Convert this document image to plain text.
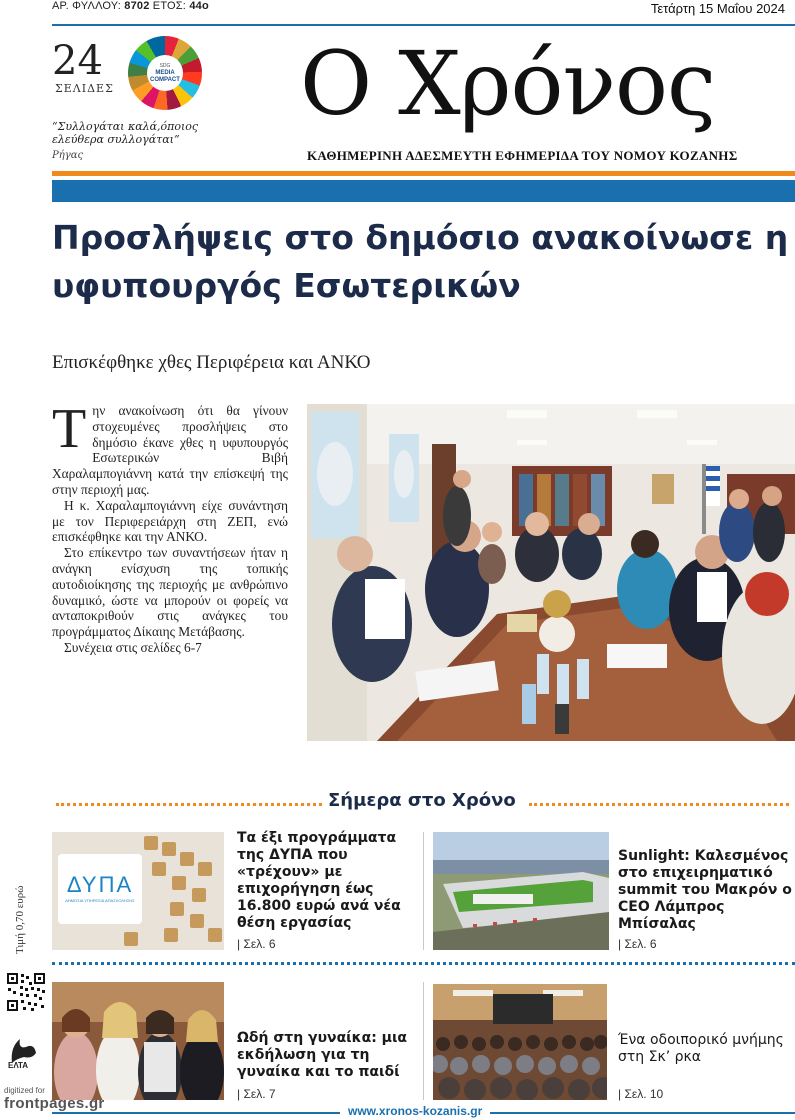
ΑΡ. ΦΥΛΛΟΥ: 8702 ΕΤΟΣ: 44ο	Τετάρτη 15 Μαΐου 2024
24
ΣΕΛΙΔΕΣ
SDG
MEDIA
COMPACT
“Συλλογάται καλά,όποιος ελεύθερα συλλογάται”
Ρήγας
Ο Χρόνος
ΚΑΘΗΜΕΡΙΝΗ ΑΔΕΣΜΕΥΤΗ ΕΦΗΜΕΡΙΔΑ ΤΟΥ ΝΟΜΟΥ ΚΟΖΑΝΗΣ
Προσλήψεις στο δημόσιο ανακοίνωσε η υφυπουργός Εσωτερικών
Επισκέφθηκε χθες Περιφέρεια και ΑΝΚΟ

Την ανακοίνωση ότι θα γίνουν στοχευμένες προσλήψεις στο δημόσιο έκανε χθες η υφυπουργός Εσωτερικών Βιβή Χαραλαμπογιάννη κατά την επίσκεψή της στην περιοχή μας.

Η κ. Χαραλαμπογιάννη είχε συνάντηση με τον Περιφερειάρχη στη ΖΕΠ, ενώ επισκέφθηκε και την ΑΝΚΟ.

Στο επίκεντρο των συναντήσεων ήταν η ανάγκη ενίσχυση της τοπικής αυτοδιοίκησης της περιοχής με ανθρώπινο δυναμικό, ώστε να μπορούν οι φορείς να ανταποκριθούν στις ανάγκες του προγράμματος Δίκαιης Μετάβασης.

Συνέχεια στις σελίδες 6-7

Σήμερα στο Χρόνο
ΔΥΠΑ
ΔΗΜΟΣΙΑ ΥΠΗΡΕΣΙΑ ΑΠΑΣΧΟΛΗΣΗΣ
Τα έξι προγράμματα της ΔΥΠΑ που «τρέχουν» με επιχορήγηση έως 16.800 ευρώ ανά νέα θέση εργασίας
| Σελ. 6
Sunlight: Καλεσμένος στο επιχειρηματικό summit του Μακρόν ο CEO Λάμπρος Μπίσαλας
| Σελ. 6
Ωδή στη γυναίκα: μια εκδήλωση για τη γυναίκα και το παιδί
| Σελ. 7
Ένα οδοιπορικό μνήμης στη Σκ’ ρκα
| Σελ. 10
Τιμή 0,70 ευρώ
ΕΛΤΑ
digitized for
frontpages.gr	www.xronos-kozanis.gr
